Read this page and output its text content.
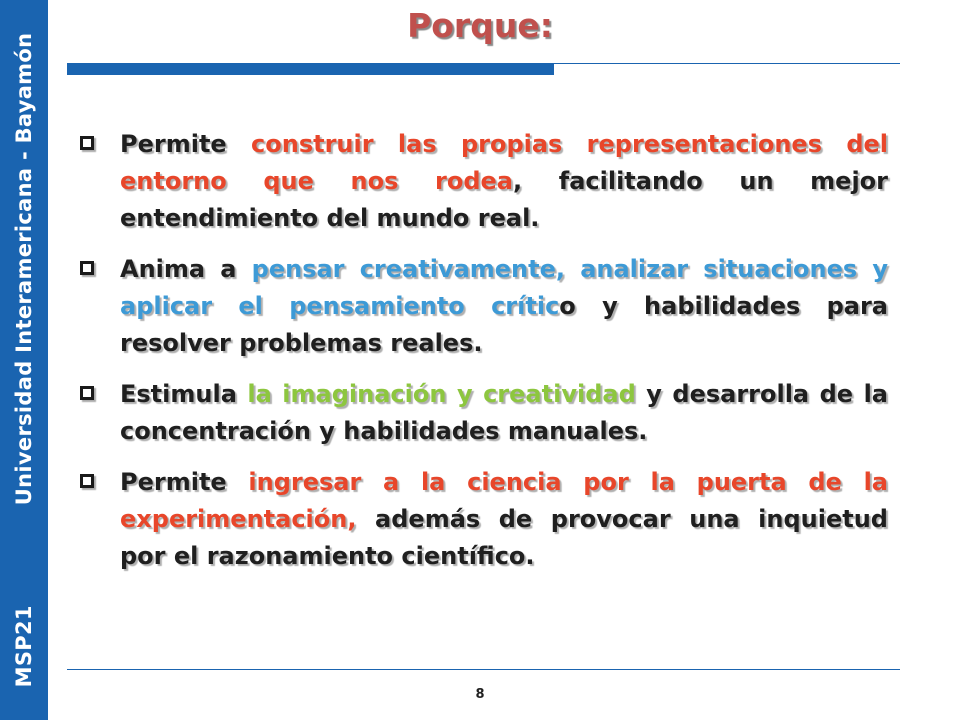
MSP21Universidad Interamericana - Bayamón
Porque:
Permite construir las propias representaciones del entorno que nos rodea, facilitando un mejor entendimiento del mundo real.
Anima a pensar creativamente, analizar situaciones y aplicar el pensamiento crítico y habilidades para resolver problemas reales.
Estimula la imaginación y creatividad y desarrolla de la concentración y habilidades manuales.
Permite ingresar a la ciencia por la puerta de la experimentación, además de provocar una inquietud por el razonamiento científico.
8
